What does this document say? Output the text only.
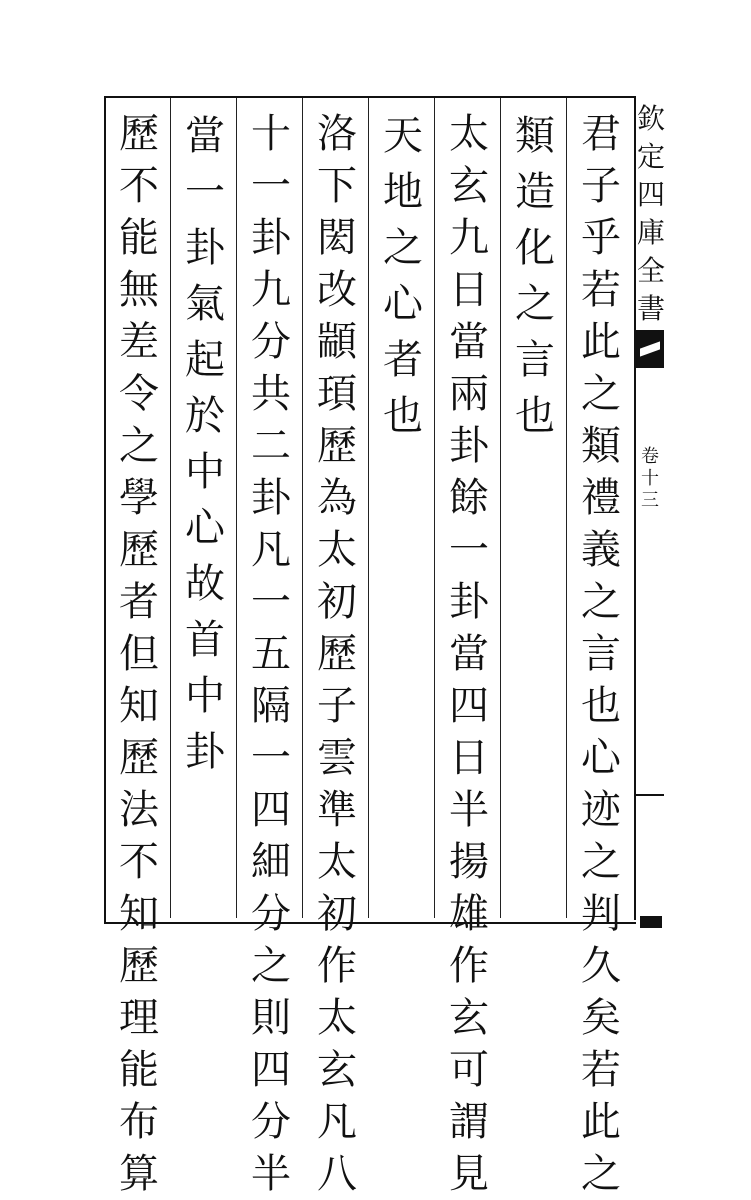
君
子
乎
若
此
之
類
禮
義
之
言
也
心
迹
之
判
久
矣
若
此
之
類
造
化
之
言
也
太
玄
九
日
當
兩
卦
餘
一
卦
當
四
日
半
揚
雄
作
玄
可
謂
見
天
地
之
心
者
也
洛
下
閎
改
顓
頊
歷
為
太
初
歷
子
雲
準
太
初
作
太
玄
凡
八
十
一
卦
九
分
共
二
卦
凡
一
五
隔
一
四
細
分
之
則
四
分
半
當
一
卦
氣
起
於
中
心
故
首
中
卦
歷
不
能
無
差
令
之
學
歷
者
但
知
歷
法
不
知
歷
理
能
布
算
欽
定
四
庫
全
書
卷
十
三
